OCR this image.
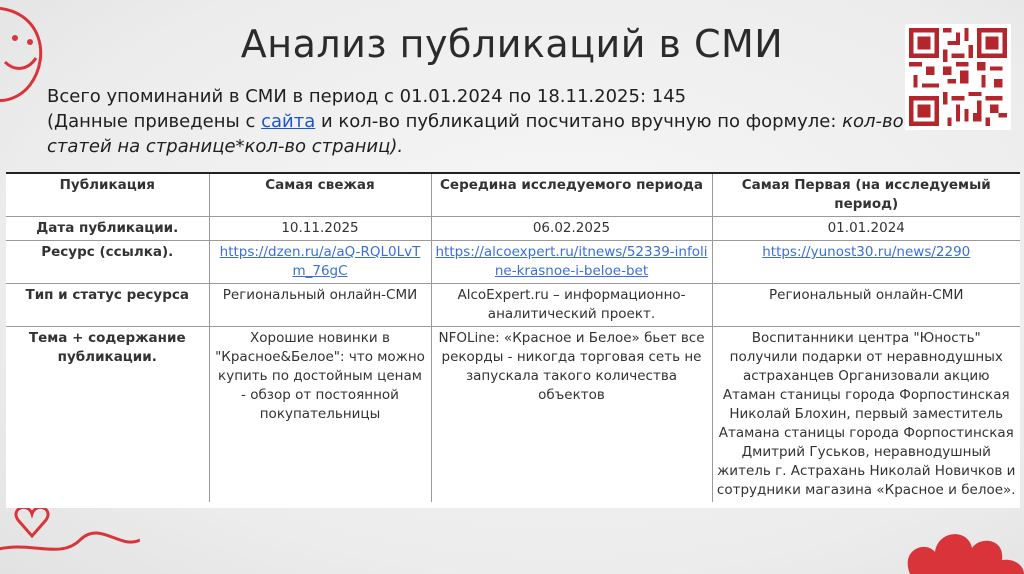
Анализ публикаций в СМИ
Всего упоминаний в СМИ в период с 01.01.2024 по 18.11.2025: 145
(Данные приведены с сайта и кол-во публикаций посчитано вручную по формуле: кол-во
статей на странице*кол-во страниц).
Публикация	Самая свежая	Середина исследуемого периода	Самая Первая (на исследуемый период)
Дата публикации.	10.11.2025	06.02.2025	01.01.2024
Ресурс (ссылка).	https://dzen.ru/a/aQ-RQL0LvTm_76gC	https://alcoexpert.ru/itnews/52339-infoline-krasnoe-i-beloe-bet	https://yunost30.ru/news/2290
Тип и статус ресурса	Региональный онлайн-СМИ	AlcoExpert.ru – информационно-аналитический проект.	Региональный онлайн-СМИ
Тема + содержание публикации.	Хорошие новинки в "Красное&Белое": что можно купить по достойным ценам - обзор от постоянной покупательницы	NFOLine: «Красное и Белое» бьет все рекорды - никогда торговая сеть не запускала такого количества объектов	Воспитанники центра "Юность" получили подарки от неравнодушных астраханцев Организовали акцию Атаман станицы города Форпостинская Николай Блохин, первый заместитель Атамана станицы города Форпостинская Дмитрий Гуськов, неравнодушный житель г. Астрахань Николай Новичков и сотрудники магазина «Красное и белое».
